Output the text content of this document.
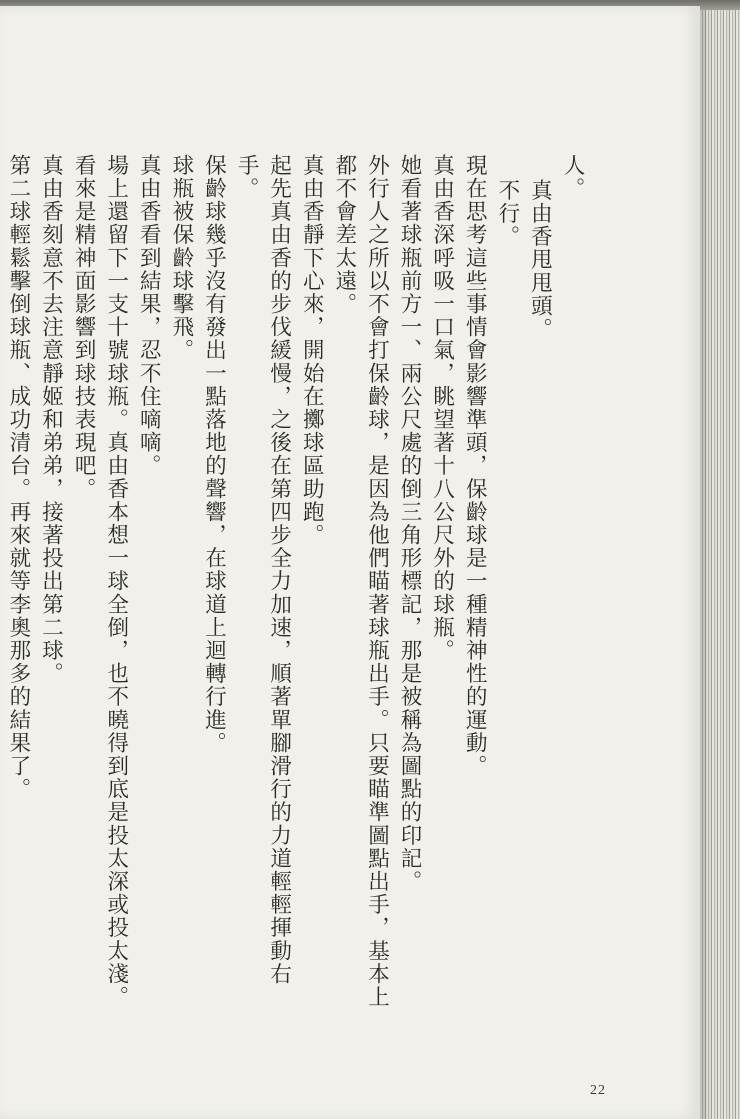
人。

真由香甩甩頭。

不行。

現在思考這些事情會影響準頭，保齡球是一種精神性的運動。

真由香深呼吸一口氣，眺望著十八公尺外的球瓶。

她看著球瓶前方一、兩公尺處的倒三角形標記，那是被稱為圖點的印記。

外行人之所以不會打保齡球，是因為他們瞄著球瓶出手。只要瞄準圖點出手，基本上都不會差太遠。

真由香靜下心來，開始在擲球區助跑。

起先真由香的步伐緩慢，之後在第四步全力加速，順著單腳滑行的力道輕輕揮動右手。

保齡球幾乎沒有發出一點落地的聲響，在球道上迴轉行進。

球瓶被保齡球擊飛。

真由香看到結果，忍不住嘀嘀。

場上還留下一支十號球瓶。真由香本想一球全倒，也不曉得到底是投太深或投太淺。看來是精神面影響到球技表現吧。

真由香刻意不去注意靜姬和弟弟，接著投出第二球。

第二球輕鬆擊倒球瓶、成功清台。再來就等李奧那多的結果了。

22
